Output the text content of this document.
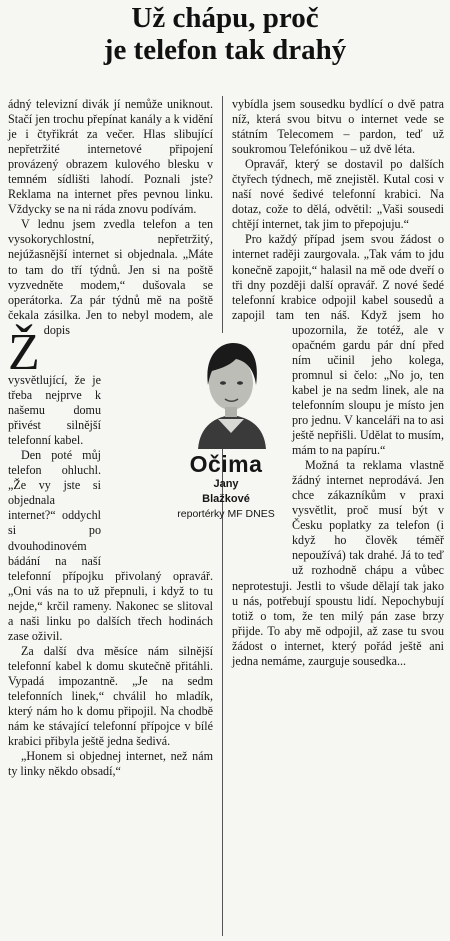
Už chápu, proč
je telefon tak drahý

Ž
ádný televizní divák jí nemůže uniknout. Stačí jen trochu přepínat kanály a k vidění je i čtyřikrát za večer. Hlas slibující nepřetržité internetové připojení provázený obrazem kulového blesku v temném sídlišti lahodí. Poznali jste? Reklama na internet přes pevnou linku. Vždycky se na ni ráda znovu podívám.

V lednu jsem zvedla telefon a ten vysokorychlostní, nepřetržitý, nejúžasnější internet si objednala. „Máte to tam do tří týdnů. Jen si na poště vyzvedněte modem,“ dušovala se operátorka. Za pár týdnů mě na poště čekala zásilka. Jen to nebyl modem, ale dopis vysvětlující, že je třeba nejprve k našemu domu přivést silnější telefonní kabel.

Den poté můj telefon ohluchl. „Že vy jste si objednala internet?“ oddychl si po dvouhodinovém bádání na naší telefonní přípojku přivolaný opravář. „Oni vás na to už přepnuli, i když to tu nejde,“ krčil rameny. Nakonec se slitoval a naši linku po dalších třech hodinách zase oživil.

Za další dva měsíce nám silnější telefonní kabel k domu skutečně přitáhli. Vypadá impozantně. „Je na sedm telefonních linek,“ chválil ho mladík, který nám ho k domu připojil. Na chodbě nám ke stávající telefonní přípojce v bílé krabici přibyla ještě jedna šedivá.

„Honem si objednej internet, než nám ty linky někdo obsadí,“

vybídla jsem sousedku bydlící o dvě patra níž, která svou bitvu o internet vede se státním Telecomem – pardon, teď už soukromou Telefónikou – už dvě léta.

Opravář, který se dostavil po dalších čtyřech týdnech, mě znejistěl. Kutal cosi v naší nové šedivé telefonní krabici. Na dotaz, cože to dělá, odvětil: „Vaši sousedi chtějí internet, tak jim to přepojuju.“

Pro každý případ jsem svou žádost o internet raději zaurgovala. „Tak vám to jdu konečně zapojit,“ halasil na mě ode dveří o tři dny později další opravář. Z nové šedé telefonní krabice odpojil kabel sousedů a zapojil tam ten náš. Když jsem ho upozornila, že totéž, ale v opačném gardu pár dní před ním učinil jeho kolega, promnul si čelo: „No jo, ten kabel je na sedm linek, ale na telefonním sloupu je místo jen pro jednu. V kanceláři na to asi ještě nepřišli. Udělat to musím, mám to na papíru.“

Možná ta reklama vlastně žádný internet neprodává. Jen chce zákazníkům v praxi vysvětlit, proč musí být v Česku poplatky za telefon (i když ho člověk téměř nepoužívá) tak drahé. Já to teď už rozhodně chápu a vůbec neprotestuji. Jestli to všude dělají tak jako u nás, potřebují spoustu lidí. Nepochybují totiž o tom, že ten milý pán zase brzy přijde. To aby mě odpojil, až zase tu svou žádost o internet, který pořád ještě ani jedna nemáme, zaurguje sousedka...

Očima
Jany
Blažkové
reportérky MF DNES
